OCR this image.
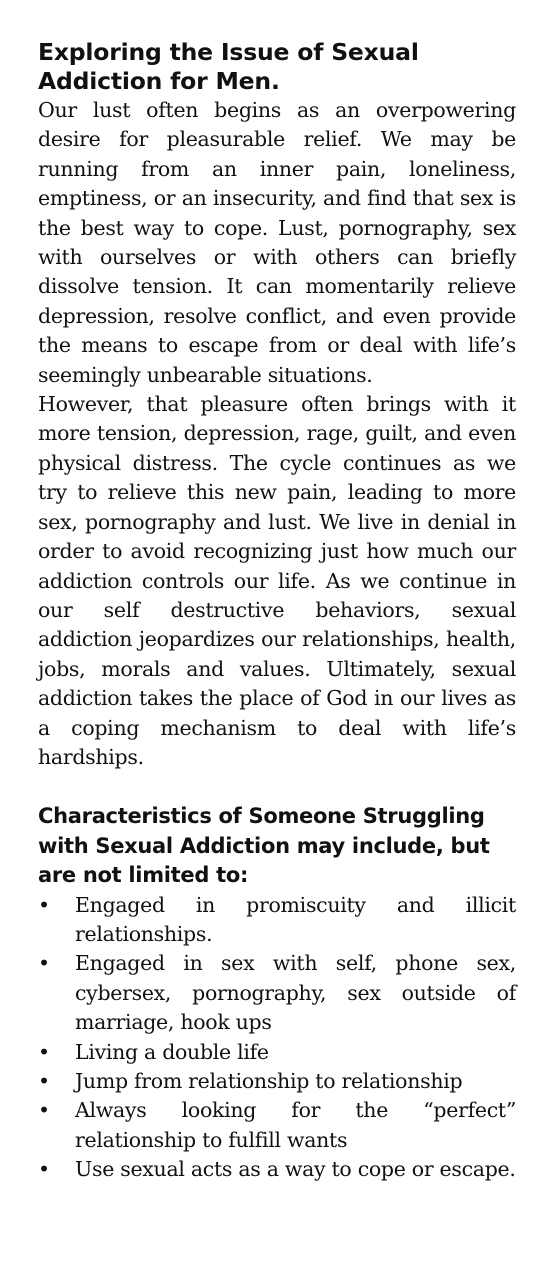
Exploring the Issue of Sexual Addiction for Men.

Our lust often begins as an overpowering desire for pleasurable relief. We may be running from an inner pain, loneliness, emptiness, or an insecurity, and find that sex is the best way to cope. Lust, pornography, sex with ourselves or with others can briefly dissolve tension. It can momentarily relieve depression, resolve conflict, and even provide the means to escape from or deal with life’s seemingly unbearable situations.

However, that pleasure often brings with it more tension, depression, rage, guilt, and even physical distress. The cycle continues as we try to relieve this new pain, leading to more sex, pornography and lust. We live in denial in order to avoid recognizing just how much our addiction controls our life. As we continue in our self destructive behaviors, sexual addiction jeopardizes our relationships, health, jobs, morals and values. Ultimately, sexual addiction takes the place of God in our lives as a coping mechanism to deal with life’s hardships.

Characteristics of Someone Struggling with Sexual Addiction may include, but are not limited to:
• Engaged in promiscuity and illicit relationships.
• Engaged in sex with self, phone sex, cybersex, pornography, sex outside of marriage, hook ups
• Living a double life
• Jump from relationship to relationship
• Always looking for the “perfect” relationship to fulfill wants
• Use sexual acts as a way to cope or escape.
